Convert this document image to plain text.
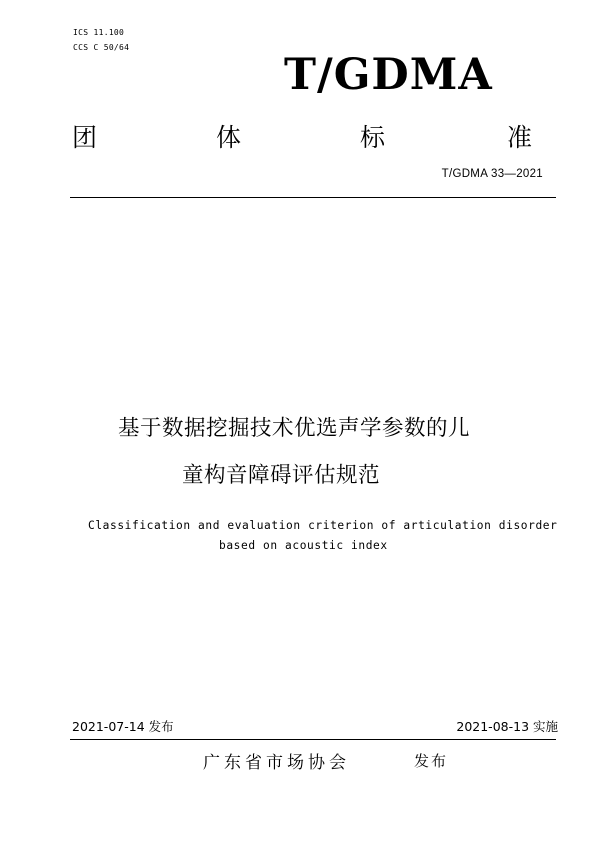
ICS 11.100
CCS C 50/64
T/GDMA
团	体	标	准
T/GDMA 33—2021
基于数据挖掘技术优选声学参数的儿
童构音障碍评估规范
Classification and evaluation criterion of articulation disorder
based on acoustic index
2021-07-14 发布	2021-08-13 实施
广东省市场协会	发布
